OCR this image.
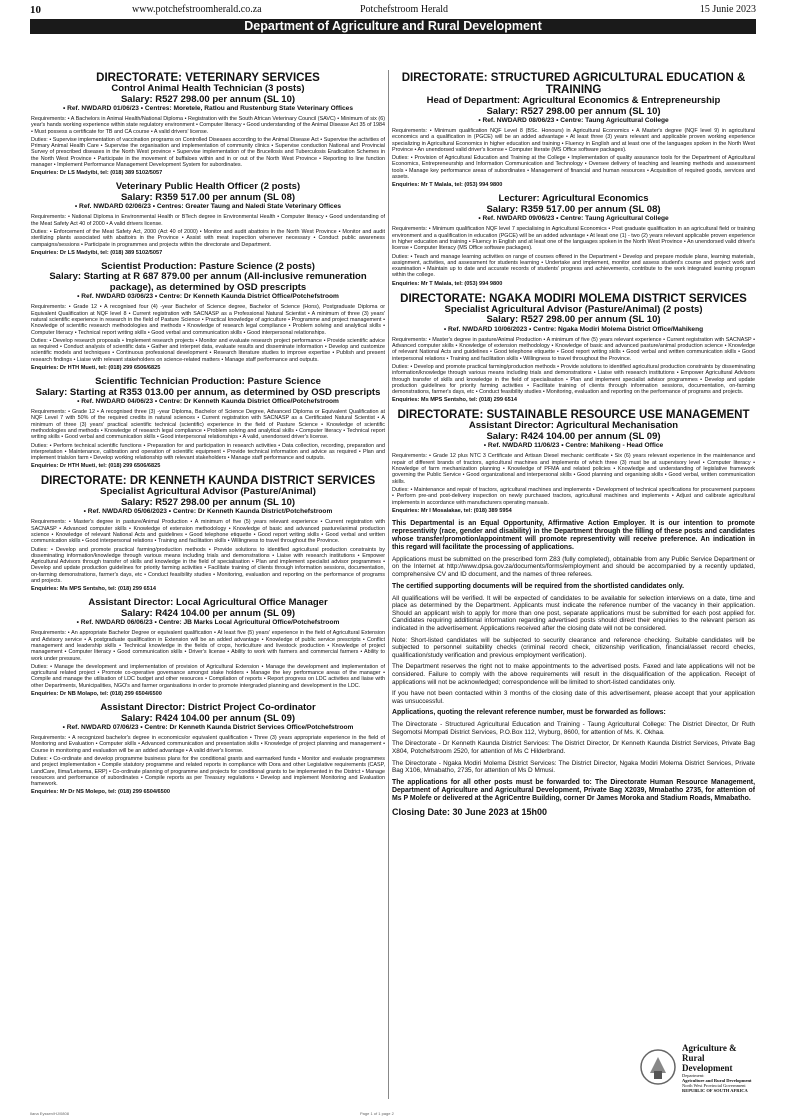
10	www.potchefstroomherald.co.za	Potchefstroom Herald	15 Junie 2023
Department of Agriculture and Rural Development
DIRECTORATE: VETERINARY SERVICES
Control Animal Health Technician (3 posts)
Salary: R527 298.00 per annum (SL 10)
• Ref. NWDARD 01/06/23 • Centres: Moretele, Ratlou and Rustenburg State Veterinary Offices

Requirements: • A Bachelors in Animal Health/National Diploma • Registration with the South African Veterinary Council (SAVC) • Minimum of six (6) year's hands working experience within state regulatory environment • Computer literacy • Good understanding of the Animal Disease Act 35 of 1984 • Must possess a certificate for TB and CA course • A valid drivers' license.

Duties: • Supervise implementation of vaccination programs on Controlled Diseases according to the Animal Disease Act • Supervise the activities of Primary Animal Health Care • Supervise the organisation and implementation of community clinics • Supervise conduction National and Provincial Survey of prescribed diseases in the North West province • Supervise implementation of the Brucellosis and Tuberculosis Eradication Schemes in the North West Province • Participate in the movement of buffaloes within and in or out of the North West Province • Reporting to line function manager • Implement Performance Management Development System for subordinates.

Enquiries: Dr LS Madyibi, tel: (018) 389 5102/5057

Veterinary Public Health Officer (2 posts)
Salary: R359 517.00 per annum (SL 08)
• Ref. NWDARD 02/06/23 • Centres: Greater Taung and Naledi State Veterinary Offices

Requirements: • National Diploma in Environmental Health or BTech degree in Environmental Health • Computer literacy • Good understanding of the Meat Safety Act 40 of 2000 • A valid drivers license.

Duties: • Enforcement of the Meat Safety Act, 2000 (Act 40 of 2000) • Monitor and audit abattoirs in the North West Province • Monitor and audit sterilizing plants associated with abattoirs in the Province • Assist with meat inspection whenever necessary • Conduct public awareness campaigns/sessions • Participate in programmes and projects within the directorate and Department.

Enquiries: Dr LS Madyibi, tel: (018) 389 5102/5057

Scientist Production: Pasture Science (2 posts)
Salary: Starting at R 687 879.00 per annum (All-inclusive remuneration package), as determined by OSD prescripts
• Ref. NWDARD 03/06/23 • Centre: Dr Kenneth Kaunda District Office/Potchefstroom

Requirements: • Grade 12 • A recognised four (4) -year Bachelor of Science degree, Bachelor of Science (Hons), Postgraduate Diploma or Equivalent Qualification at NQF level 8 • Current registration with SACNASP as a Professional Natural Scientist • A minimum of three (3) years' natural scientific experience in research in the field of Pasture Science • Practical knowledge of agriculture • Programme and project management • Knowledge of scientific research methodologies and methods • Knowledge of research legal compliance • Problem solving and analytical skills • Computer literacy • Technical report writing skills • Good verbal and communication skills • Good interpersonal relationships.

Duties: • Develop research proposals • Implement research projects • Monitor and evaluate research project performance • Provide scientific advice as required • Conduct analysis of scientific data • Gather and interpret data, evaluate results and disseminate information • Develop and customize scientific models and techniques • Continuous professional development • Research literature studies to improve expertise • Publish and present research findings • Liaise with relevant stakeholders on science-related matters • Manage staff performance and outputs.

Enquiries: Dr HTH Mueti, tel: (018) 299 6506/6825

Scientific Technician Production: Pasture Science
Salary: Starting at R353 013.00 per annum, as determined by OSD prescripts
• Ref. NWDARD 04/06/23 • Centre: Dr Kenneth Kaunda District Office/Potchefstroom

Requirements: • Grade 12 • A recognised three (3) -year Diploma, Bachelor of Science Degree, Advanced Diploma or Equivalent Qualification at NQF Level 7 with 50% of the required credits in natural sciences • Current registration with SACNASP as a Certificated Natural Scientist • A minimum of three (3) years' practical scientific technical (scientific) experience in the field of Pasture Science • Knowledge of scientific methodologies and methods • Knowledge of research legal compliance • Problem solving and analytical skills • Computer literacy • Technical report writing skills • Good verbal and communication skills • Good interpersonal relationships • A valid, unendorsed driver's license.

Duties: • Perform technical scientific functions • Preparation for and participation in research activities • Data collection, recording, preparation and interpretation • Maintenance, calibration and operation of scientific equipment • Provide technical information and advice as required • Plan and implement trials/on farm • Develop working relationship with relevant stakeholders • Manage staff performance and outputs.

Enquiries: Dr HTH Mueti, tel: (018) 299 6506/6825

DIRECTORATE: DR KENNETH KAUNDA DISTRICT SERVICES
Specialist Agricultural Advisor (Pasture/Animal)
Salary: R527 298.00 per annum (SL 10)
• Ref. NWDARD 05/06/2023 • Centre: Dr Kenneth Kaunda District/Potchefstroom

Requirements: • Master's degree in pasture/Animal Production • A minimum of five (5) years relevant experience • Current registration with SACNASP • Advanced computer skills • Knowledge of extension methodology • Knowledge of basic and advanced pasture/animal production science • Knowledge of relevant National Acts and guidelines • Good telephone etiquette • Good report writing skills • Good verbal and written communication skills • Good interpersonal relations • Training and facilitation skills • Willingness to travel throughout the Province.

Duties: • Develop and promote practical farming/production methods • Provide solutions to identified agricultural production constraints by disseminating information/knowledge through various means including trials and demonstrations • Liaise with research institutions • Empower Agricultural Advisors through transfer of skills and knowledge in the field of specialisation • Plan and implement specialist advisor programmes • Develop and update production guidelines for priority farming activities • Facilitate training of clients through information sessions, documentation, on-farming demonstrations, farmer's days, etc • Conduct feasibility studies • Monitoring, evaluation and reporting on the performance of programs and projects.

Enquiries: Ms MPS Sentsho, tel: (018) 299 6514

Assistant Director: Local Agricultural Office Manager
Salary: R424 104.00 per annum (SL 09)
• Ref. NWDARD 06/06/23 • Centre: JB Marks Local Agricultural Office/Potchefstroom

Requirements: • An appropriate Bachelor Degree or equivalent qualification • At least five (5) years' experience in the field of Agricultural Extension and Advisory service • A postgraduate qualification in Extension will be an added advantage • Knowledge of public service prescripts • Conflict management and leadership skills • Technical knowledge in the fields of crops, horticulture and livestock production • Knowledge of project management • Computer literacy • Good communication skills • Driver's license • Ability to work with farmers and commercial farmers • Ability to work under pressure.

Duties: • Manage the development and implementation of provision of Agricultural Extension • Manage the development and implementation of agricultural related project • Promote co-operative governance amongst stake holders • Manage the key performance areas of the manager • Compile and manage the utilisation of LDC budget and other resources • Compilation of reports • Report progress on LDC activities and liaise with other Departments, Municipalities, NGO's and farmer organisations in order to promote intergraded planning and development in the LDC.

Enquiries: Dr NB Molapo, tel: (018) 299 6504/6500

Assistant Director: District Project Co-ordinator
Salary: R424 104.00 per annum (SL 09)
• Ref. NWDARD 07/06/23 • Centre: Dr Kenneth Kaunda District Services Office/Potchefstroom

Requirements: • A recognized bachelor's degree in economics/or equivalent qualification • Three (3) years appropriate experience in the field of Monitoring and Evaluation • Computer skills • Advanced communication and presentation skills • Knowledge of project planning and management • Course in monitoring and evaluation will be an added advantage • A valid driver's license.

Duties: • Co-ordinate and develop programme business plans for the conditional grants and earmarked funds • Monitor and evaluate programmes and project implementation • Compile statutory programme and related reports in compliance with Dora and other Legislative requirements (CASP, LandCare, Ilima/Letsema, ERP) • Co-ordinate planning of programme and projects for conditional grants to be implemented in the District • Manage resources and performance of subordinates • Compile reports as per Treasury regulations • Develop and implement Monitoring and Evaluation framework.

Enquiries: Mr Dr NS Molepo, tel: (018) 299 6504/6500

DIRECTORATE: STRUCTURED AGRICULTURAL EDUCATION & TRAINING
Head of Department: Agricultural Economics & Entrepreneurship
Salary: R527 298.00 per annum (SL 10)
• Ref. NWDARD 08/06/23 • Centre: Taung Agricultural College

Requirements: • Minimum qualification NQF Level 8 (BSc. Honours) in Agricultural Economics • A Master's degree (NQF level 9) in agricultural economics and a qualification in (PGCE) will be an added advantage • At least three (3) years relevant and applicable proven working experience specializing in Agricultural Economics in higher education and training • Fluency in English and at least one of the languages spoken in the North West Province • An unendorsed valid driver's license • Computer literate (MS Office software packages).

Duties: • Provision of Agricultural Education and Training at the College • Implementation of quality assurance tools for the Department of Agricultural Economics, Entrepreneurship and Information Communication and Technology • Oversee delivery of teaching and learning methods and assessment tools • Manage key performance areas of subordinates • Management of financial and human resources • Acquisition of required goods, services and assets.

Enquiries: Mr T Malala, tel: (053) 994 9800

Lecturer: Agricultural Economics
Salary: R359 517.00 per annum (SL 08)
• Ref. NWDARD 09/06/23 • Centre: Taung Agricultural College

Requirements: • Minimum qualification NQF level 7 specialising in Agricultural Economics • Post graduate qualification in an agricultural field or training environment and a qualification in education (PGCE) will be an added advantage • At least one (1) - two (2) years relevant applicable proven experience in higher education and training • Fluency in English and at least one of the languages spoken in the North West Province • An unendorsed valid driver's license • Computer literacy (MS Office software packages).

Duties: • Teach and manage learning activities on range of courses offered in the Department • Develop and prepare module plans, learning materials, assignment, activities, and assessment for students learning • Undertake and implement, monitor and assess student's course and project work and examination • Maintain up to date and accurate records of students' progress and achievements, contribute to the work integrated learning program within the college.

Enquiries: Mr T Malala, tel: (053) 994 9800

DIRECTORATE: NGAKA MODIRI MOLEMA DISTRICT SERVICES
Specialist Agricultural Advisor (Pasture/Animal) (2 posts)
Salary: R527 298.00 per annum (SL 10)
• Ref. NWDARD 10/06/2023 • Centre: Ngaka Modiri Molema District Office/Mahikeng

Requirements: • Master's degree in pasture/Animal Production • A minimum of five (5) years relevant experience • Current registration with SACNASP • Advanced computer skills • Knowledge of extension methodology • Knowledge of basic and advanced pasture/animal production science • Knowledge of relevant National Acts and guidelines • Good telephone etiquette • Good report writing skills • Good verbal and written communication skills • Good interpersonal relations • Training and facilitation skills • Willingness to travel throughout the Province.

Duties: • Develop and promote practical farming/production methods • Provide solutions to identified agricultural production constraints by disseminating information/knowledge through various means including trials and demonstrations • Liaise with research institutions • Empower Agricultural Advisors through transfer of skills and knowledge in the field of specialisation • Plan and implement specialist advisor programmes • Develop and update production guidelines for priority farming activities • Facilitate training of clients through information sessions, documentation, on-farming demonstrations, farmer's days, etc • Conduct feasibility studies • Monitoring, evaluation and reporting on the performance of programs and projects.

Enquiries: Ms MPS Sentsho, tel: (018) 299 6514

DIRECTORATE: SUSTAINABLE RESOURCE USE MANAGEMENT
Assistant Director: Agricultural Mechanisation
Salary: R424 104.00 per annum (SL 09)
• Ref. NWDARD 11/06/23 • Centre: Mahikeng - Head Office

Requirements: • Grade 12 plus NTC 3 Certificate and Artisan Diesel mechanic certificate • Six (6) years relevant experience in the maintenance and repair of different brands of tractors, agricultural machines and implements of which three (3) must be at supervisory level • Computer literacy • Knowledge of farm mechanization planning • Knowledge of PFMA and related policies • Knowledge and understanding of legislative framework governing the Public Service • Good organizational and interpersonal skills • Good planning and organising skills • Good verbal, written communication skills.

Duties: • Maintenance and repair of tractors, agricultural machines and implements • Development of technical specifications for procurement purposes • Perform pre-and post-delivery inspection on newly purchased tractors, agricultural machines and implements • Adjust and calibrate agricultural implements in accordance with manufacturers operating manuals.

Enquiries: Mr I Mosalakae, tel: (018) 389 5954

This Departmental is an Equal Opportunity, Affirmative Action Employer. It is our intention to promote representivity (race, gender and disability) in the Department through the filling of these posts and candidates whose transfer/promotion/appointment will promote representivity will receive preference. An indication in this regard will facilitate the processing of applications.

Applications must be submitted on the prescribed form Z83 (fully completed), obtainable from any Public Service Department or on the Internet at http://www.dpsa.gov.za/documents/forms/employment and should be accompanied by a recently updated, comprehensive CV and ID document, and the names of three referees.

The certified supporting documents will be required from the shortlisted candidates only.

All qualifications will be verified. It will be expected of candidates to be available for selection interviews on a date, time and place as determined by the Department. Applicants must indicate the reference number of the vacancy in their application. Should an applicant wish to apply for more than one post, separate applications must be submitted for each post applied for. Candidates requiring additional information regarding advertised posts should direct their enquiries to the relevant person as indicated in the advertisement. Applications received after the closing date will not be considered.

Note: Short-listed candidates will be subjected to security clearance and reference checking. Suitable candidates will be subjected to personnel suitability checks (criminal record check, citizenship verification, financial/asset record checks, qualification/study verification and previous employment verification).

The Department reserves the right not to make appointments to the advertised posts. Faxed and late applications will not be considered. Failure to comply with the above requirements will result in the disqualification of the application. Receipt of applications will not be acknowledged; correspondence will be limited to short-listed candidates only.

If you have not been contacted within 3 months of the closing date of this advertisement, please accept that your application was unsuccessful.

Applications, quoting the relevant reference number, must be forwarded as follows:

The Directorate - Structured Agricultural Education and Training - Taung Agricultural College: The District Director, Dr Ruth Segomotsi Mompati District Services, P.O.Box 112, Vryburg, 8600, for attention of Ms. K. Okhaa.

The Directorate - Dr Kenneth Kaunda District Services: The District Director, Dr Kenneth Kaunda District Services, Private Bag X804, Potchefstroom 2520, for attention of Ms C Hilderbrand.

The Directorate - Ngaka Modiri Molema District Services: The District Director, Ngaka Modiri Molema District Services, Private Bag X106, Mmabatho, 2735, for attention of Ms D Mmusi.

The applications for all other posts must be forwarded to: The Directorate Human Resource Management, Department of Agriculture and Agricultural Development, Private Bag X2039, Mmabatho 2735, for attention of Ms P Molefe or delivered at the AgriCentre Building, corner Dr James Moroka and Stadium Roads, Mmabatho.

Closing Date: 30 June 2023 at 15h00
Agriculture &
Rural Development
Department:
Agriculture and Rural Development
North West Provincial Government
REPUBLIC OF SOUTH AFRICA
Ilana Eyssen/HJ/0808	Page 1 of 1 page 2
